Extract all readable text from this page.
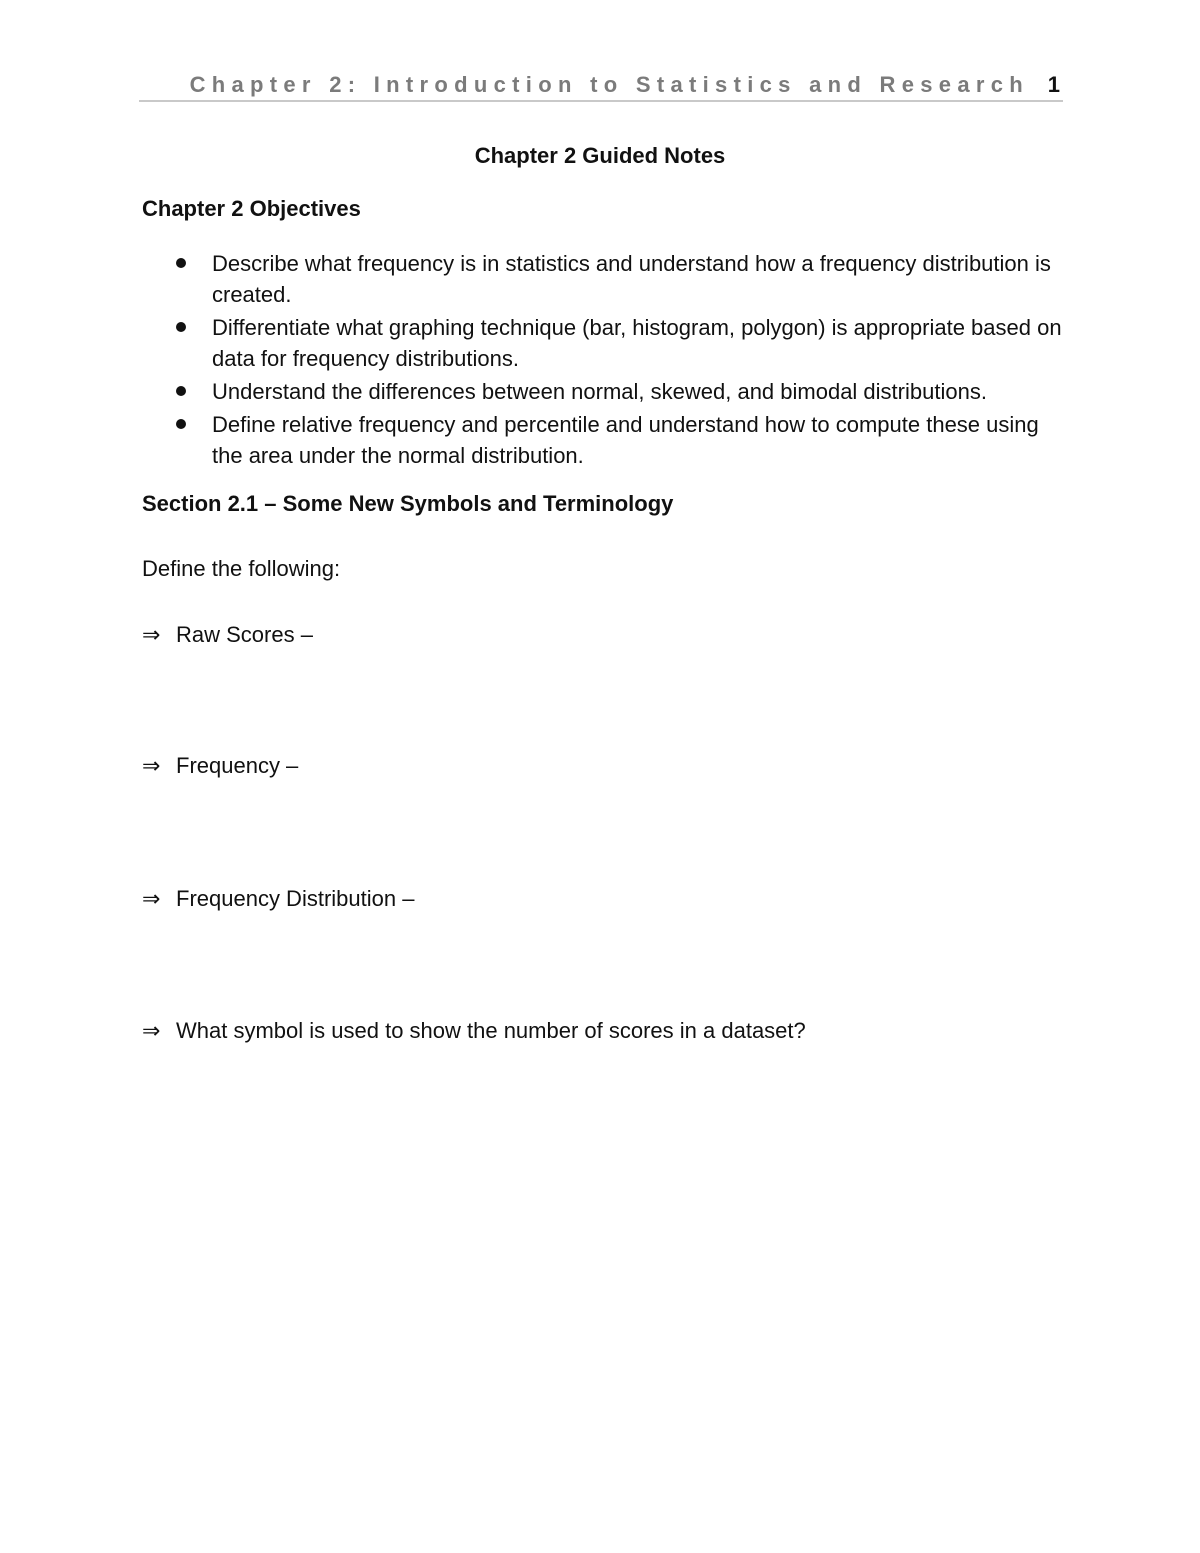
Chapter 2: Introduction to Statistics and Research 1
Chapter 2 Guided Notes
Chapter 2 Objectives
Describe what frequency is in statistics and understand how a frequency distribution is created.
Differentiate what graphing technique (bar, histogram, polygon) is appropriate based on data for frequency distributions.
Understand the differences between normal, skewed, and bimodal distributions.
Define relative frequency and percentile and understand how to compute these using the area under the normal distribution.
Section 2.1 – Some New Symbols and Terminology
Define the following:
⇒ Raw Scores –
⇒ Frequency –
⇒ Frequency Distribution –
⇒ What symbol is used to show the number of scores in a dataset?
